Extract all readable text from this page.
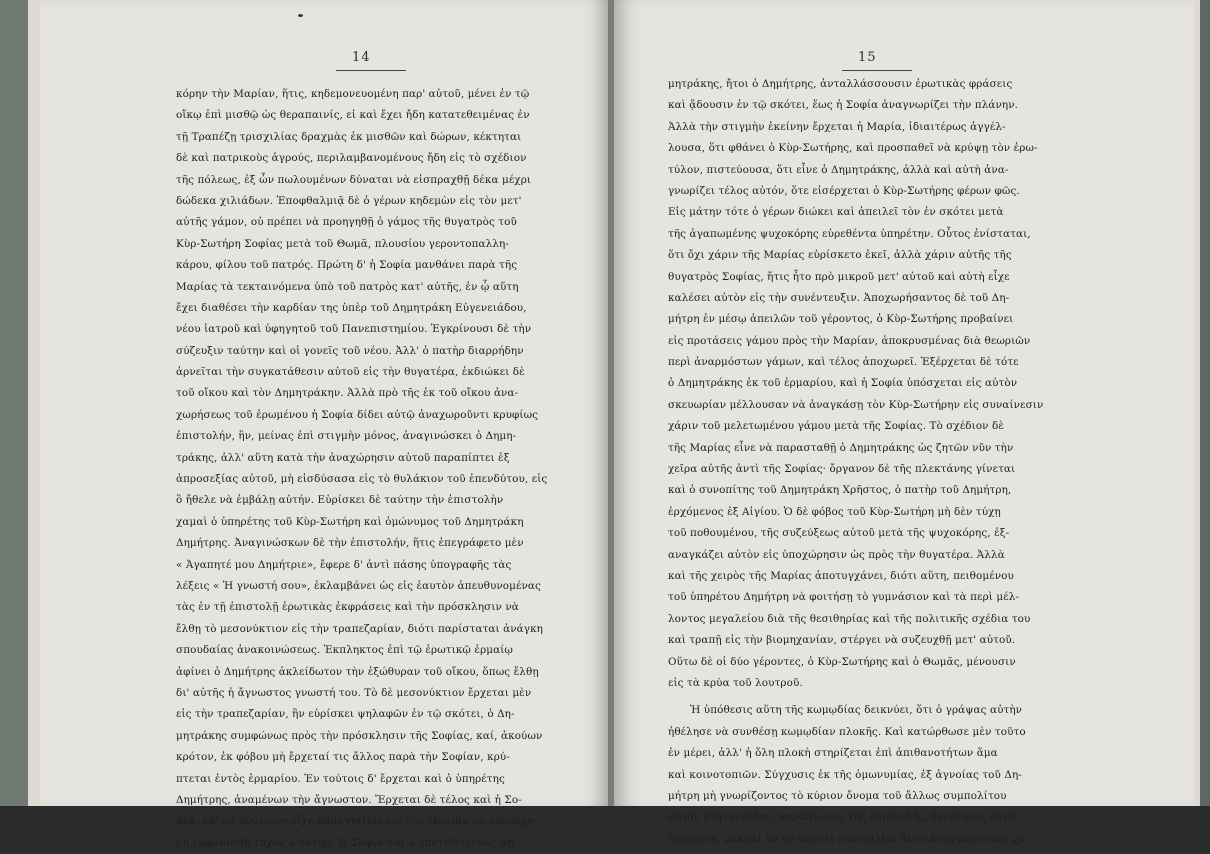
14
κόρην τὴν Μαρίαν, ἥτις, κηδεμονευομένη παρ' αὐτοῦ, μένει ἐν τῷ
οἴκῳ ἐπὶ μισθῷ ὡς θεραπαινίς, εἰ καὶ ἔχει ἤδη κατατεθειμένας ἐν
τῇ Τραπέζῃ τρισχιλίας δραχμὰς ἐκ μισθῶν καὶ δώρων, κέκτηται
δὲ καὶ πατρικοὺς ἀγρούς, περιλαμβανομένους ἤδη εἰς τὸ σχέδιον
τῆς πόλεως, ἐξ ὧν πωλουμένων δύναται νὰ εἰσπραχθῇ δέκα μέχρι
δώδεκα χιλιάδων. Ἐποφθαλμιᾷ δὲ ὁ γέρων κηδεμὼν εἰς τὸν μετ'
αὐτῆς γάμον, οὐ πρέπει νὰ προηγηθῇ ὁ γάμος τῆς θυγατρὸς τοῦ
Κὺρ-Σωτήρη Σοφίας μετὰ τοῦ Θωμᾶ, πλουσίου γεροντοπαλλη-
κάρου, φίλου τοῦ πατρός. Πρώτη δ' ἡ Σοφία μανθάνει παρὰ τῆς
Μαρίας τὰ τεκταινόμενα ὑπὸ τοῦ πατρὸς κατ' αὐτῆς, ἐν ᾧ αὕτη
ἔχει διαθέσει τὴν καρδίαν της ὑπὲρ τοῦ Δημητράκη Εὐγενειάδου,
νέου ἰατροῦ καὶ ὑφηγητοῦ τοῦ Πανεπιστημίου. Ἐγκρίνουσι δὲ τὴν
σύζευξιν ταύτην καὶ οἱ γονεῖς τοῦ νέου. Ἀλλ' ὁ πατὴρ διαρρήδην
ἀρνεῖται τὴν συγκατάθεσιν αὐτοῦ εἰς τὴν θυγατέρα, ἐκδιώκει δὲ
τοῦ οἴκου καὶ τὸν Δημητράκην. Ἀλλὰ πρὸ τῆς ἐκ τοῦ οἴκου ἀνα-
χωρήσεως τοῦ ἐρωμένου ἡ Σοφία δίδει αὐτῷ ἀναχωροῦντι κρυφίως
ἐπιστολήν, ἣν, μείνας ἐπὶ στιγμὴν μόνος, ἀναγινώσκει ὁ Δημη-
τράκης, ἀλλ' αὕτη κατὰ τὴν ἀναχώρησιν αὐτοῦ παραπίπτει ἐξ
ἀπροσεξίας αὐτοῦ, μὴ εἰσδύσασα εἰς τὸ θυλάκιον τοῦ ἐπενδύτου, εἰς
ὃ ἤθελε νὰ ἐμβάλῃ αὐτήν. Εὑρίσκει δὲ ταύτην τὴν ἐπιστολὴν
χαμαὶ ὁ ὑπηρέτης τοῦ Κὺρ-Σωτήρη καὶ ὁμώνυμος τοῦ Δημητράκη
Δημήτρης. Ἀναγινώσκων δὲ τὴν ἐπιστολήν, ἥτις ἐπεγράφετο μὲν
« Ἀγαπητέ μου Δημήτριε», ἔφερε δ' ἀντὶ πάσης ὑπογραφῆς τὰς
λέξεις « Ἡ γνωστή σου», ἐκλαμβάνει ὡς εἰς ἑαυτὸν ἀπευθυνομένας
τὰς ἐν τῇ ἐπιστολῇ ἐρωτικὰς ἐκφράσεις καὶ τὴν πρόσκλησιν νὰ
ἔλθῃ τὸ μεσονύκτιον εἰς τὴν τραπεζαρίαν, διότι παρίσταται ἀνάγκη
σπουδαίας ἀνακοινώσεως. Ἐκπληκτος ἐπὶ τῷ ἐρωτικῷ ἐρμαίῳ
ἀφίνει ὁ Δημήτρης ἀκλείδωτον τὴν ἐξώθυραν τοῦ οἴκου, ὅπως ἔλθῃ
δι' αὐτῆς ἡ ἄγνωστος γνωστή του. Τὸ δὲ μεσονύκτιον ἔρχεται μὲν
εἰς τὴν τραπεζαρίαν, ἣν εὑρίσκει ψηλαφῶν ἐν τῷ σκότει, ὁ Δη-
μητράκης συμφώνως πρὸς τὴν πρόσκλησιν τῆς Σοφίας, καί, ἀκούων
κρότον, ἐκ φόβου μὴ ἔρχεταί τις ἄλλος παρὰ τὴν Σοφίαν, κρύ-
πτεται ἐντὸς ἑρμαρίου. Ἐν τούτοις δ' ἔρχεται καὶ ὁ ὑπηρέτης
Δημήτρης, ἀναμένων τὴν ἄγνωστον. Ἔρχεται δὲ τέλος καὶ ἡ Σο-
φία, ἀφ' οὗ πρότερον εἶχε παραγγείλει εἰς τὴν Μαρίαν νὰ προσέχῃ
μὴ ἐμφανισθῇ τυχὸν ὁ πατήρ. Ἡ Σοφία καὶ ὁ ὑποτεθειμένος Δη-
15
μητράκης, ἤτοι ὁ Δημήτρης, ἀνταλλάσσουσιν ἐρωτικὰς φράσεις
καὶ ᾄδουσιν ἐν τῷ σκότει, ἕως ἡ Σοφία ἀναγνωρίζει τὴν πλάνην.
Ἀλλὰ τὴν στιγμὴν ἐκείνην ἔρχεται ἡ Μαρία, ἰδιαιτέρως ἀγγέλ-
λουσα, ὅτι φθάνει ὁ Κὺρ-Σωτήρης, καὶ προσπαθεῖ νὰ κρύψῃ τὸν ἐρω-
τύλον, πιστεύουσα, ὅτι εἶνε ὁ Δημητράκης, ἀλλὰ καὶ αὐτὴ ἀνα-
γνωρίζει τέλος αὐτόν, ὅτε εἰσέρχεται ὁ Κὺρ-Σωτήρης φέρων φῶς.
Εἰς μάτην τότε ὁ γέρων διώκει καὶ ἀπειλεῖ τὸν ἐν σκότει μετὰ
τῆς ἀγαπωμένης ψυχοκόρης εὑρεθέντα ὑπηρέτην. Οὗτος ἐνίσταται,
ὅτι ὄχι χάριν τῆς Μαρίας εὑρίσκετο ἐκεῖ, ἀλλὰ χάριν αὐτῆς τῆς
θυγατρὸς Σοφίας, ἥτις ἦτο πρὸ μικροῦ μετ' αὐτοῦ καὶ αὐτὴ εἶχε
καλέσει αὐτὸν εἰς τὴν συνέντευξιν. Ἀποχωρήσαντος δὲ τοῦ Δη-
μήτρη ἐν μέσῳ ἀπειλῶν τοῦ γέροντος, ὁ Κὺρ-Σωτήρης προβαίνει
εἰς προτάσεις γάμου πρὸς τὴν Μαρίαν, ἀποκρυσμένας διὰ θεωριῶν
περὶ ἀναρμόστων γάμων, καὶ τέλος ἀποχωρεῖ. Ἐξέρχεται δὲ τότε
ὁ Δημητράκης ἐκ τοῦ ἑρμαρίου, καὶ ἡ Σοφία ὑπόσχεται εἰς αὐτὸν
σκευωρίαν μέλλουσαν νὰ ἀναγκάσῃ τὸν Κὺρ-Σωτήρην εἰς συναίνεσιν
χάριν τοῦ μελετωμένου γάμου μετὰ τῆς Σοφίας. Τὸ σχέδιον δὲ
τῆς Μαρίας εἶνε νὰ παρασταθῇ ὁ Δημητράκης ὡς ζητῶν νῦν τὴν
χεῖρα αὐτῆς ἀντὶ τῆς Σοφίας· ὄργανον δὲ τῆς πλεκτάνης γίνεται
καὶ ὁ συνοπίτης τοῦ Δημητράκη Χρῆστος, ὁ πατὴρ τοῦ Δημήτρη,
ἐρχόμενος ἐξ Αἰγίου. Ὁ δὲ φόβος τοῦ Κὺρ-Σωτήρη μὴ δὲν τύχῃ
τοῦ ποθουμένου, τῆς συζεύξεως αὐτοῦ μετὰ τῆς ψυχοκόρης, ἐξ-
αναγκάζει αὐτὸν εἰς ὑποχώρησιν ὡς πρὸς τὴν θυγατέρα. Ἀλλὰ
καὶ τῆς χειρὸς τῆς Μαρίας ἀποτυγχάνει, διότι αὕτη, πειθομένου
τοῦ ὑπηρέτου Δημήτρη νὰ φοιτήσῃ τὸ γυμνάσιον καὶ τὰ περὶ μέλ-
λοντος μεγαλείου διὰ τῆς θεσιθηρίας καὶ τῆς πολιτικῆς σχέδια του
καὶ τραπῇ εἰς τὴν βιομηχανίαν, στέργει νὰ συζευχθῇ μετ' αὐτοῦ.
Οὕτω δὲ οἱ δύο γέροντες, ὁ Κὺρ-Σωτήρης καὶ ὁ Θωμᾶς, μένουσιν
εἰς τὰ κρύα τοῦ λουτροῦ.
Ἡ ὑπόθεσις αὕτη τῆς κωμῳδίας δεικνύει, ὅτι ὁ γράψας αὐτὴν
ἠθέλησε νὰ συνθέσῃ κωμῳδίαν πλοκῆς. Καὶ κατώρθωσε μὲν τοῦτο
ἐν μέρει, ἀλλ' ἡ ὅλη πλοκὴ στηρίζεται ἐπὶ ἀπιθανοτήτων ἅμα
καὶ κοινοτοπιῶν. Σύγχυσις ἐκ τῆς ὁμωνυμίας, ἐξ ἀγνοίας τοῦ Δη-
μήτρη μὴ γνωρίζοντος τὸ κύριον ὄνομα τοῦ ἄλλως συμπολίτου
αὐτοῦ Εὐγενειάδου, παράπτωσις τῆς ἐπιστολῆς, ἐγκρύψεις ἐντὸς
ἑρμαρίου, μακραὶ ἐν τῷ σκότει συνομιλίαι ἄνευ ἀναγνωρίσεως χα-
